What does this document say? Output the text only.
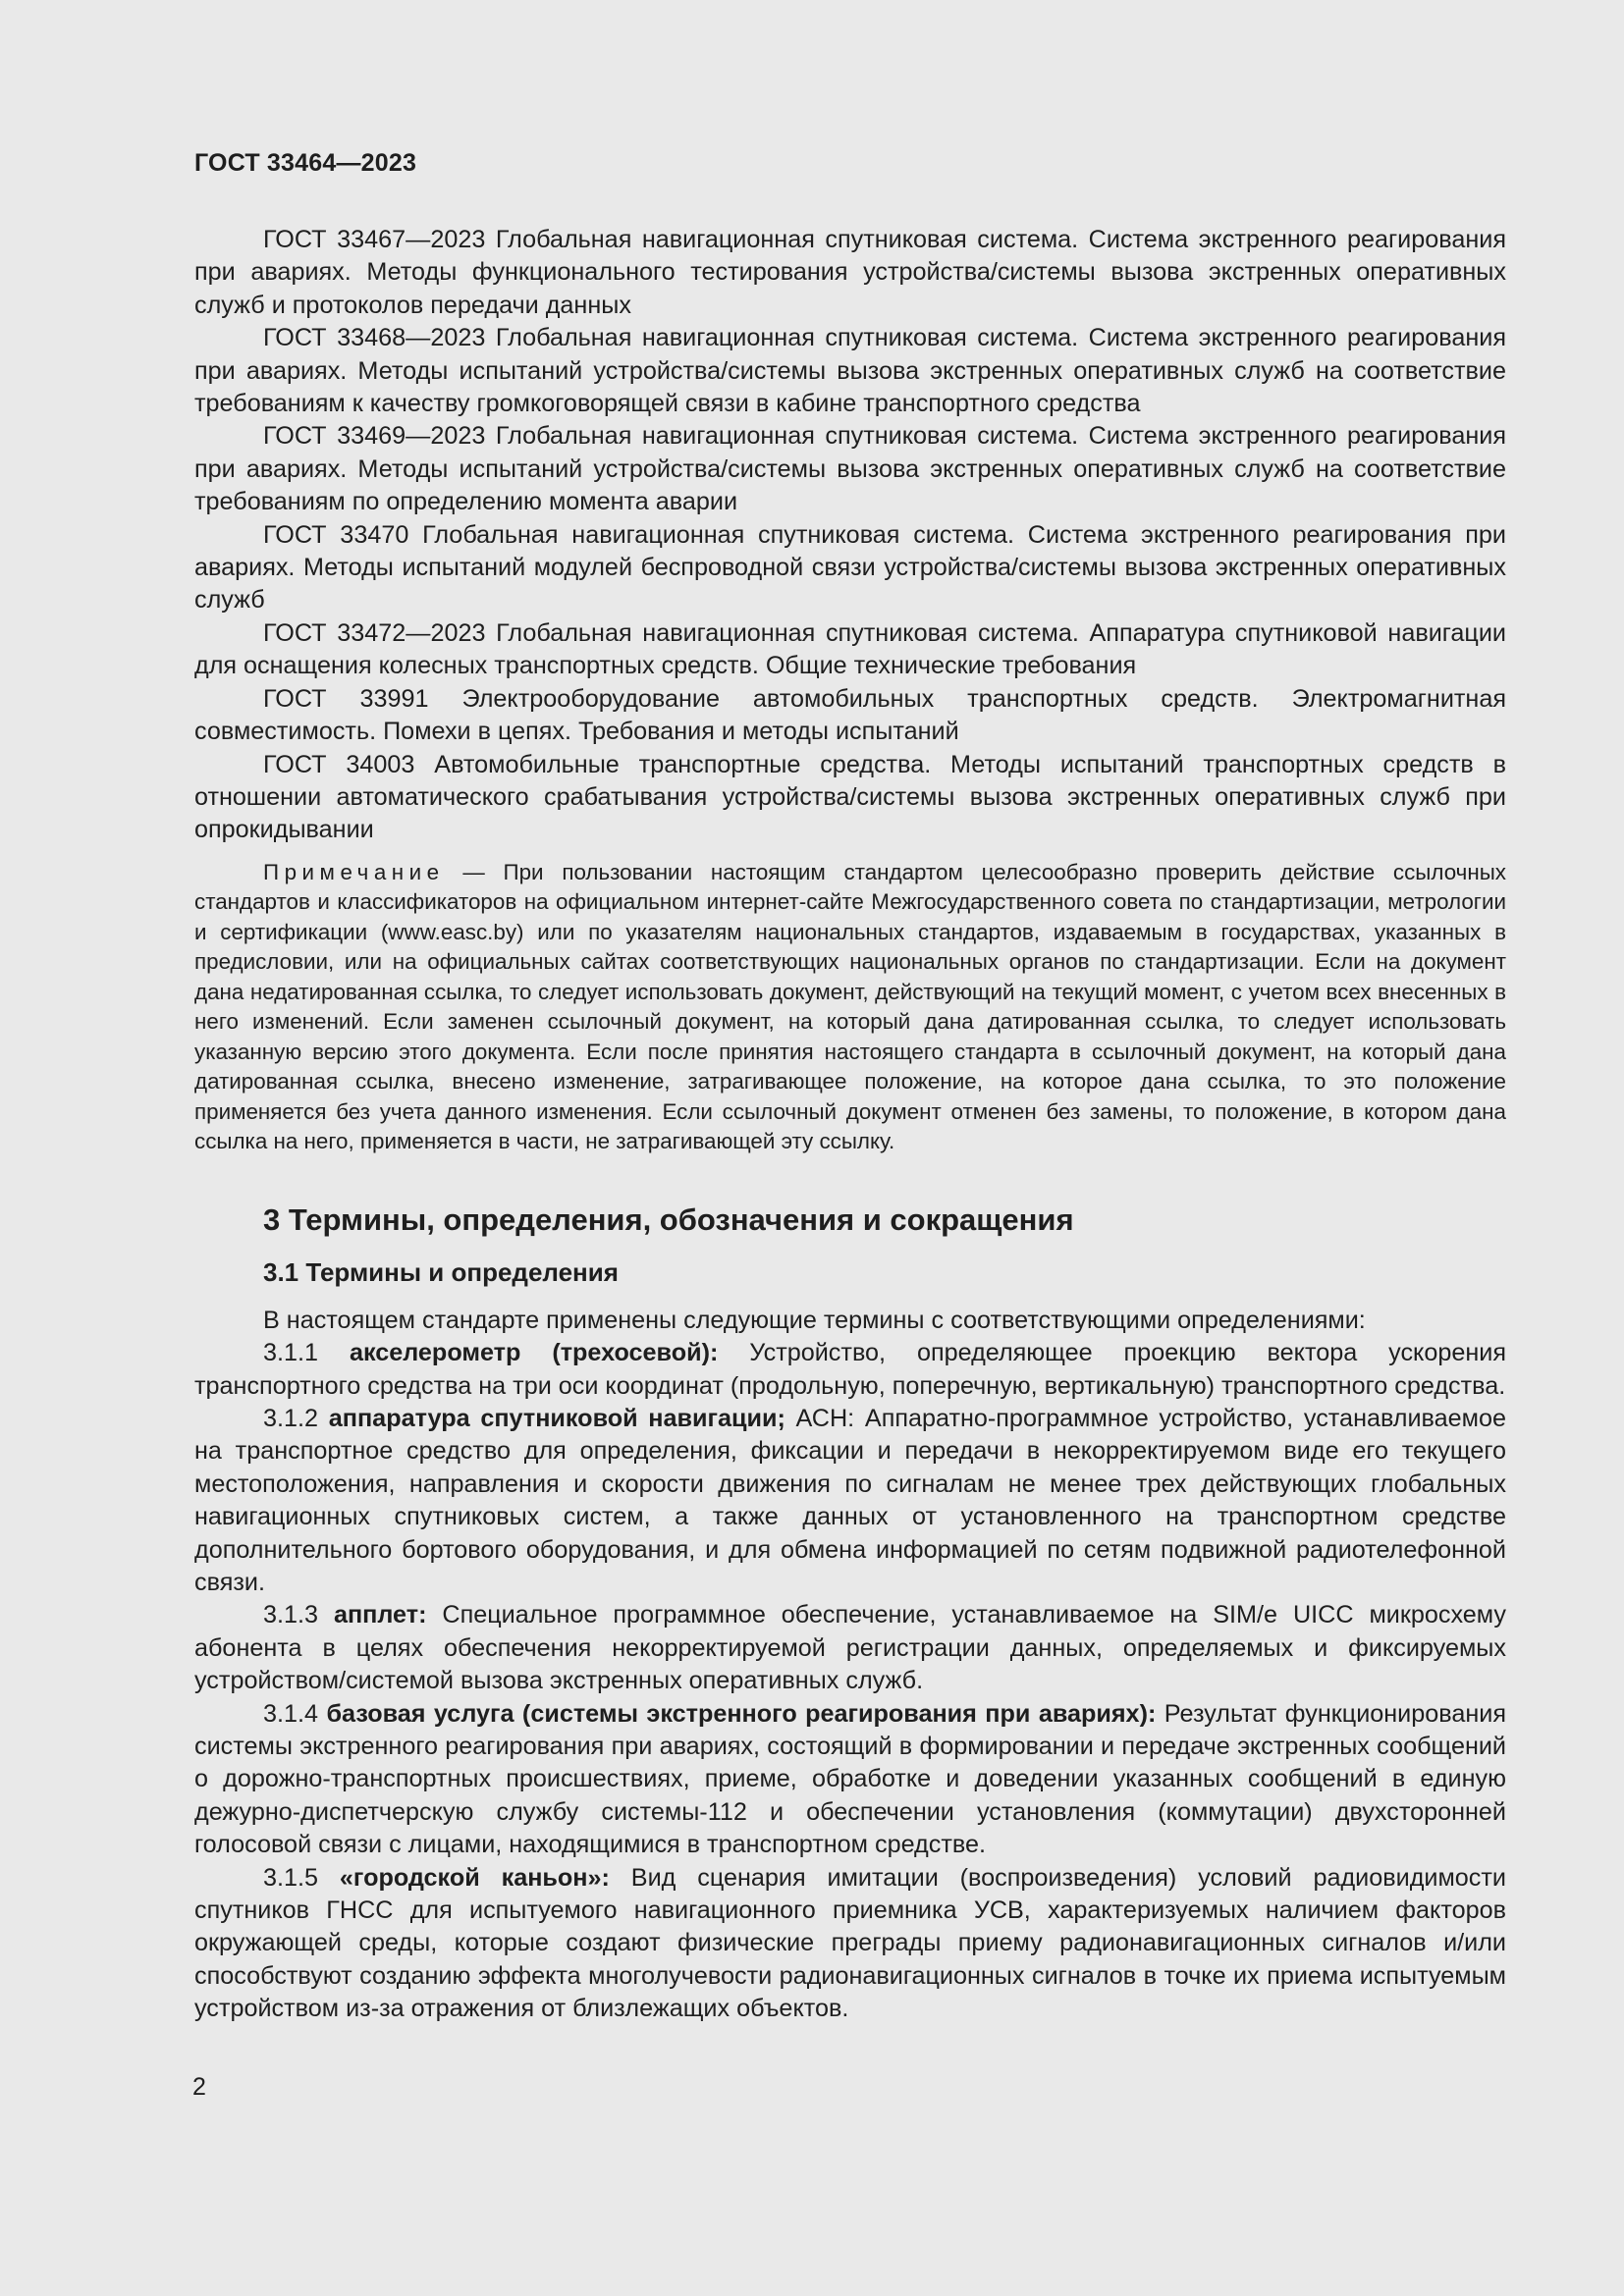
ГОСТ 33464—2023

ГОСТ 33467—2023 Глобальная навигационная спутниковая система. Система экстренного реагирования при авариях. Методы функционального тестирования устройства/системы вызова экстренных оперативных служб и протоколов передачи данных

ГОСТ 33468—2023 Глобальная навигационная спутниковая система. Система экстренного реагирования при авариях. Методы испытаний устройства/системы вызова экстренных оперативных служб на соответствие требованиям к качеству громкоговорящей связи в кабине транспортного средства

ГОСТ 33469—2023 Глобальная навигационная спутниковая система. Система экстренного реагирования при авариях. Методы испытаний устройства/системы вызова экстренных оперативных служб на соответствие требованиям по определению момента аварии

ГОСТ 33470 Глобальная навигационная спутниковая система. Система экстренного реагирования при авариях. Методы испытаний модулей беспроводной связи устройства/системы вызова экстренных оперативных служб

ГОСТ 33472—2023 Глобальная навигационная спутниковая система. Аппаратура спутниковой навигации для оснащения колесных транспортных средств. Общие технические требования

ГОСТ 33991 Электрооборудование автомобильных транспортных средств. Электромагнитная совместимость. Помехи в цепях. Требования и методы испытаний

ГОСТ 34003 Автомобильные транспортные средства. Методы испытаний транспортных средств в отношении автоматического срабатывания устройства/системы вызова экстренных оперативных служб при опрокидывании

Примечание — При пользовании настоящим стандартом целесообразно проверить действие ссылочных стандартов и классификаторов на официальном интернет-сайте Межгосударственного совета по стандартизации, метрологии и сертификации (www.easc.by) или по указателям национальных стандартов, издаваемым в государствах, указанных в предисловии, или на официальных сайтах соответствующих национальных органов по стандартизации. Если на документ дана недатированная ссылка, то следует использовать документ, действующий на текущий момент, с учетом всех внесенных в него изменений. Если заменен ссылочный документ, на который дана датированная ссылка, то следует использовать указанную версию этого документа. Если после принятия настоящего стандарта в ссылочный документ, на который дана датированная ссылка, внесено изменение, затрагивающее положение, на которое дана ссылка, то это положение применяется без учета данного изменения. Если ссылочный документ отменен без замены, то положение, в котором дана ссылка на него, применяется в части, не затрагивающей эту ссылку.

3 Термины, определения, обозначения и сокращения
3.1 Термины и определения

В настоящем стандарте применены следующие термины с соответствующими определениями:

3.1.1 акселерометр (трехосевой): Устройство, определяющее проекцию вектора ускорения транспортного средства на три оси координат (продольную, поперечную, вертикальную) транспортного средства.

3.1.2 аппаратура спутниковой навигации; АСН: Аппаратно-программное устройство, устанавливаемое на транспортное средство для определения, фиксации и передачи в некорректируемом виде его текущего местоположения, направления и скорости движения по сигналам не менее трех действующих глобальных навигационных спутниковых систем, а также данных от установленного на транспортном средстве дополнительного бортового оборудования, и для обмена информацией по сетям подвижной радиотелефонной связи.

3.1.3 апплет: Специальное программное обеспечение, устанавливаемое на SIM/е UICC микросхему абонента в целях обеспечения некорректируемой регистрации данных, определяемых и фиксируемых устройством/системой вызова экстренных оперативных служб.

3.1.4 базовая услуга (системы экстренного реагирования при авариях): Результат функционирования системы экстренного реагирования при авариях, состоящий в формировании и передаче экстренных сообщений о дорожно-транспортных происшествиях, приеме, обработке и доведении указанных сообщений в единую дежурно-диспетчерскую службу системы-112 и обеспечении установления (коммутации) двухсторонней голосовой связи с лицами, находящимися в транспортном средстве.

3.1.5 «городской каньон»: Вид сценария имитации (воспроизведения) условий радиовидимости спутников ГНСС для испытуемого навигационного приемника УСВ, характеризуемых наличием факторов окружающей среды, которые создают физические преграды приему радионавигационных сигналов и/или способствуют созданию эффекта многолучевости радионавигационных сигналов в точке их приема испытуемым устройством из-за отражения от близлежащих объектов.

2
